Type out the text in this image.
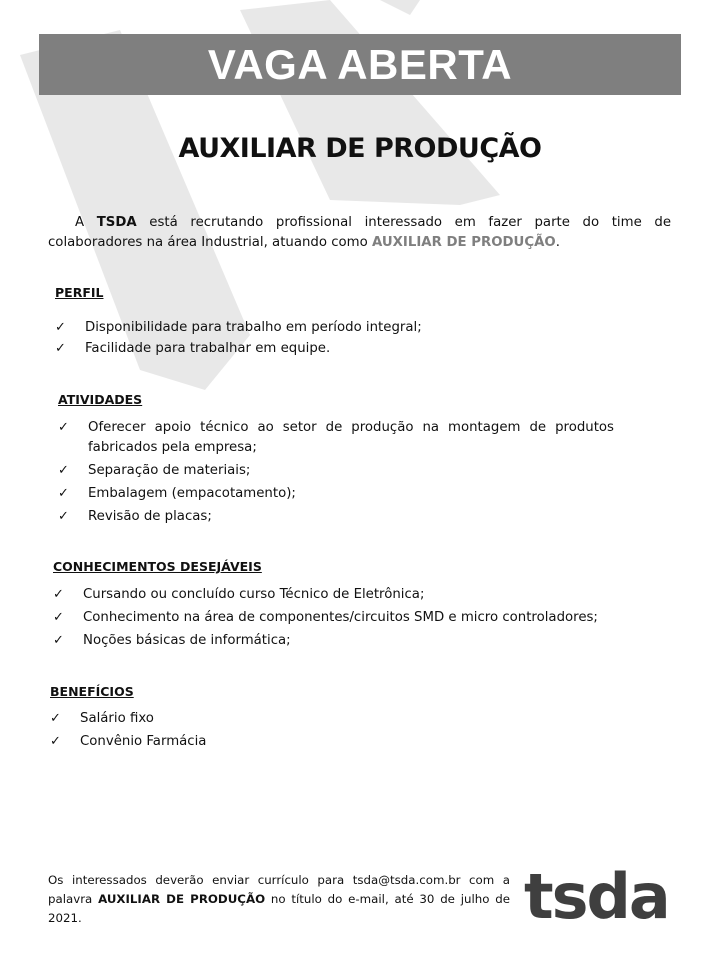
VAGA ABERTA
AUXILIAR DE PRODUÇÃO

A TSDA está recrutando profissional interessado em fazer parte do time de colaboradores na área Industrial, atuando como AUXILIAR DE PRODUÇÃO.

PERFIL
✓ Disponibilidade para trabalho em período integral;
✓ Facilidade para trabalhar em equipe.
ATIVIDADES
✓ Oferecer apoio técnico ao setor de produção na montagem de produtos fabricados pela empresa;
✓ Separação de materiais;
✓ Embalagem (empacotamento);
✓ Revisão de placas;
CONHECIMENTOS DESEJÁVEIS
✓ Cursando ou concluído curso Técnico de Eletrônica;
✓ Conhecimento na área de componentes/circuitos SMD e micro controladores;
✓ Noções básicas de informática;
BENEFÍCIOS
✓ Salário fixo
✓ Convênio Farmácia

Os interessados deverão enviar currículo para tsda@tsda.com.br com a palavra AUXILIAR DE PRODUÇÃO no título do e-mail, até 30 de julho de 2021.	tsda
